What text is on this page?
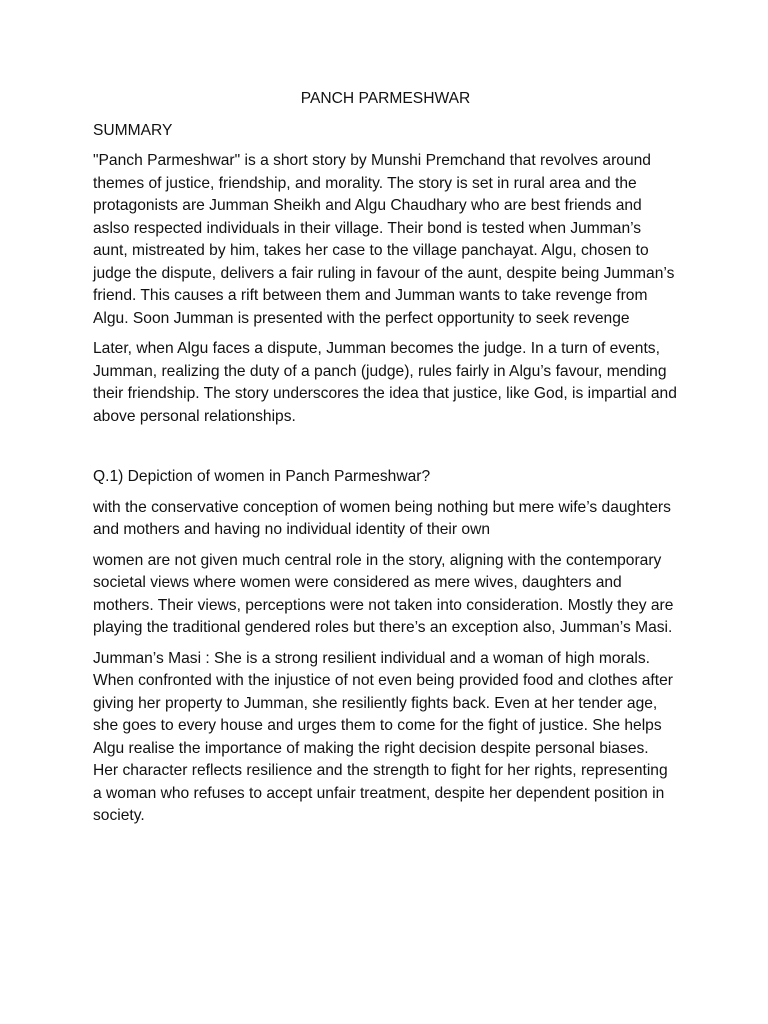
PANCH PARMESHWAR
SUMMARY

"Panch Parmeshwar" is a short story by Munshi Premchand that revolves around themes of justice, friendship, and morality. The story is set in rural area and the protagonists are Jumman Sheikh and Algu Chaudhary who are best friends and aslso respected individuals in their village. Their bond is tested when Jumman’s aunt, mistreated by him, takes her case to the village panchayat. Algu, chosen to judge the dispute, delivers a fair ruling in favour of the aunt, despite being Jumman’s friend. This causes a rift between them and Jumman wants to take revenge from Algu. Soon Jumman is presented with the perfect opportunity to seek revenge

Later, when Algu faces a dispute, Jumman becomes the judge. In a turn of events, Jumman, realizing the duty of a panch (judge), rules fairly in Algu’s favour, mending their friendship. The story underscores the idea that justice, like God, is impartial and above personal relationships.

Q.1) Depiction of women in Panch Parmeshwar?

with the conservative conception of women being nothing but mere wife’s daughters and mothers and having no individual identity of their own

women are not given much central role in the story, aligning with the contemporary societal views where women were considered as mere wives, daughters and mothers. Their views, perceptions were not taken into consideration. Mostly they are playing the traditional gendered roles but there’s an exception also, Jumman’s Masi.

Jumman’s Masi : She is a strong resilient individual and a woman of high morals. When confronted with the injustice of not even being provided food and clothes after giving her property to Jumman, she resiliently fights back. Even at her tender age, she goes to every house and urges them to come for the fight of justice. She helps Algu realise the importance of making the right decision despite personal biases. Her character reflects resilience and the strength to fight for her rights, representing a woman who refuses to accept unfair treatment, despite her dependent position in society.
